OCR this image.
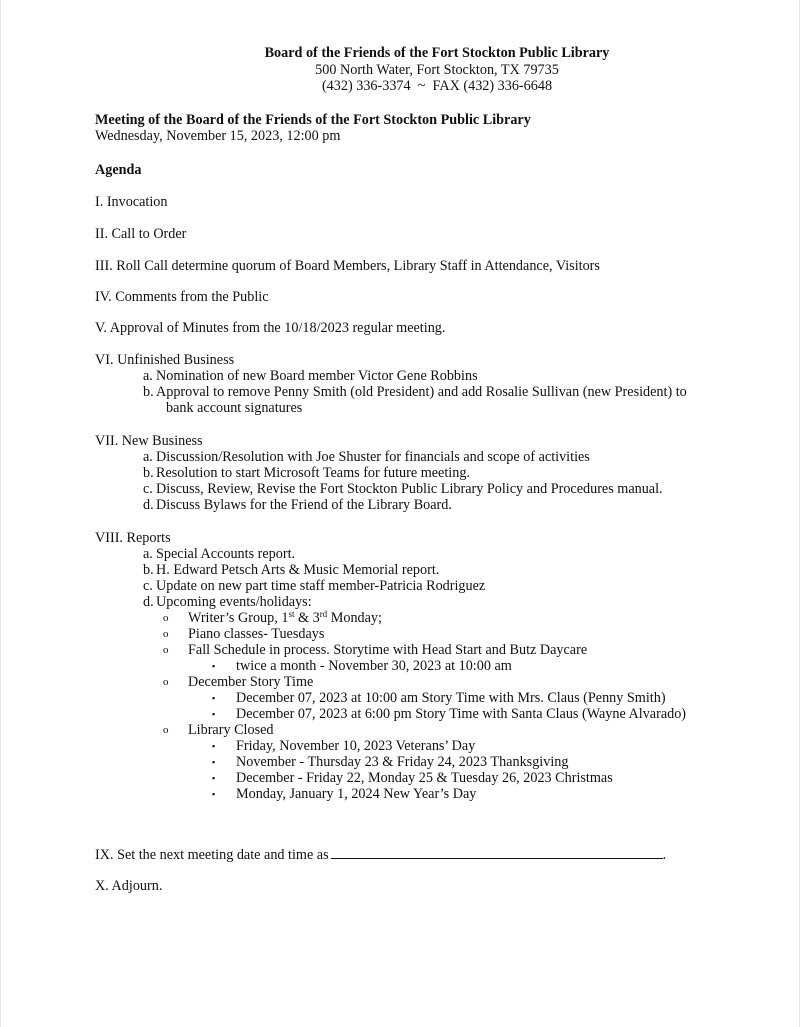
Board of the Friends of the Fort Stockton Public Library
500 North Water, Fort Stockton, TX 79735
(432) 336-3374 ~ FAX (432) 336-6648
Meeting of the Board of the Friends of the Fort Stockton Public Library
Wednesday, November 15, 2023, 12:00 pm
Agenda
I. Invocation
II. Call to Order
III. Roll Call determine quorum of Board Members, Library Staff in Attendance, Visitors
IV. Comments from the Public
V. Approval of Minutes from the 10/18/2023 regular meeting.
VI. Unfinished Business
a. Nomination of new Board member Victor Gene Robbins
b. Approval to remove Penny Smith (old President) and add Rosalie Sullivan (new President) to
bank account signatures
VII. New Business
a. Discussion/Resolution with Joe Shuster for financials and scope of activities
b. Resolution to start Microsoft Teams for future meeting.
c. Discuss, Review, Revise the Fort Stockton Public Library Policy and Procedures manual.
d. Discuss Bylaws for the Friend of the Library Board.
VIII. Reports
a. Special Accounts report.
b. H. Edward Petsch Arts & Music Memorial report.
c. Update on new part time staff member-Patricia Rodriguez
d. Upcoming events/holidays:
o	Writer’s Group, 1st & 3rd Monday;
o	Piano classes- Tuesdays
o	Fall Schedule in process. Storytime with Head Start and Butz Daycare
▪	twice a month - November 30, 2023 at 10:00 am
o	December Story Time
▪	December 07, 2023 at 10:00 am Story Time with Mrs. Claus (Penny Smith)
▪	December 07, 2023 at 6:00 pm Story Time with Santa Claus (Wayne Alvarado)
o	Library Closed
▪	Friday, November 10, 2023 Veterans’ Day
▪	November - Thursday 23 & Friday 24, 2023 Thanksgiving
▪	December - Friday 22, Monday 25 & Tuesday 26, 2023 Christmas
▪	Monday, January 1, 2024 New Year’s Day
IX. Set the next meeting date and time as	.
X. Adjourn.
